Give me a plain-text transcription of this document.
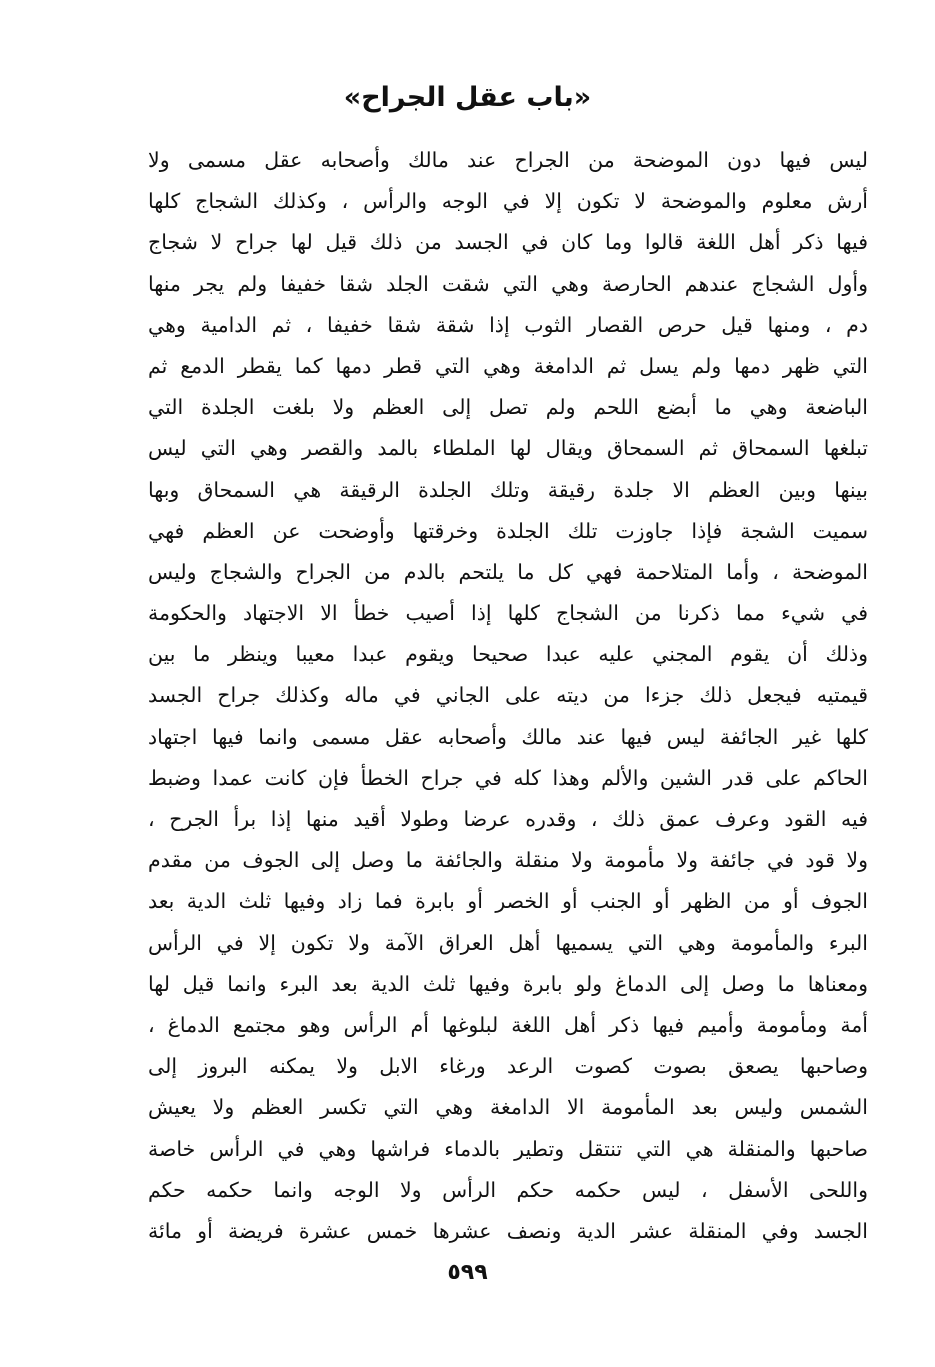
«باب عقل الجراح»
ليس فيها دون الموضحة من الجراح عند مالك وأصحابه عقل مسمى ولا
أرش معلوم والموضحة لا تكون إلا في الوجه والرأس ، وكذلك الشجاج كلها
فيها ذكر أهل اللغة قالوا وما كان في الجسد من ذلك قيل لها جراح لا شجاج
وأول الشجاج عندهم الحارصة وهي التي شقت الجلد شقا خفيفا ولم يجر منها
دم ، ومنها قيل حرص القصار الثوب إذا شقة شقا خفيفا ، ثم الدامية وهي
التي ظهر دمها ولم يسل ثم الدامغة وهي التي قطر دمها كما يقطر الدمع ثم
الباضعة وهي ما أبضع اللحم ولم تصل إلى العظم ولا بلغت الجلدة التي
تبلغها السمحاق ثم السمحاق ويقال لها الملطاء بالمد والقصر وهي التي ليس
بينها وبين العظم الا جلدة رقيقة وتلك الجلدة الرقيقة هي السمحاق وبها
سميت الشجة فإذا جاوزت تلك الجلدة وخرقتها وأوضحت عن العظم فهي
الموضحة ، وأما المتلاحمة فهي كل ما يلتحم بالدم من الجراح والشجاج وليس
في شيء مما ذكرنا من الشجاج كلها إذا أصيب خطأ الا الاجتهاد والحكومة
وذلك أن يقوم المجني عليه عبدا صحيحا ويقوم عبدا معيبا وينظر ما بين
قيمتيه فيجعل ذلك جزءا من ديته على الجاني في ماله وكذلك جراح الجسد
كلها غير الجائفة ليس فيها عند مالك وأصحابه عقل مسمى وانما فيها اجتهاد
الحاكم على قدر الشين والألم وهذا كله في جراح الخطأ فإن كانت عمدا وضبط
فيه القود وعرف عمق ذلك ، وقدره عرضا وطولا أقيد منها إذا برأ الجرح ،
ولا قود في جائفة ولا مأمومة ولا منقلة والجائفة ما وصل إلى الجوف من مقدم
الجوف أو من الظهر أو الجنب أو الخصر أو بابرة فما زاد وفيها ثلث الدية بعد
البرء والمأمومة وهي التي يسميها أهل العراق الآمة ولا تكون إلا في الرأس
ومعناها ما وصل إلى الدماغ ولو بابرة وفيها ثلث الدية بعد البرء وانما قيل لها
أمة ومأمومة وأميم فيها ذكر أهل اللغة لبلوغها أم الرأس وهو مجتمع الدماغ ،
وصاحبها يصعق بصوت كصوت الرعد ورغاء الابل ولا يمكنه البروز إلى
الشمس وليس بعد المأمومة الا الدامغة وهي التي تكسر العظم ولا يعيش
صاحبها والمنقلة هي التي تنتقل وتطير بالدماء فراشها وهي في الرأس خاصة
واللحى الأسفل ، ليس حكمه حكم الرأس ولا الوجه وانما حكمه حكم
الجسد وفي المنقلة عشر الدية ونصف عشرها خمس عشرة فريضة أو مائة
٥٩٩
